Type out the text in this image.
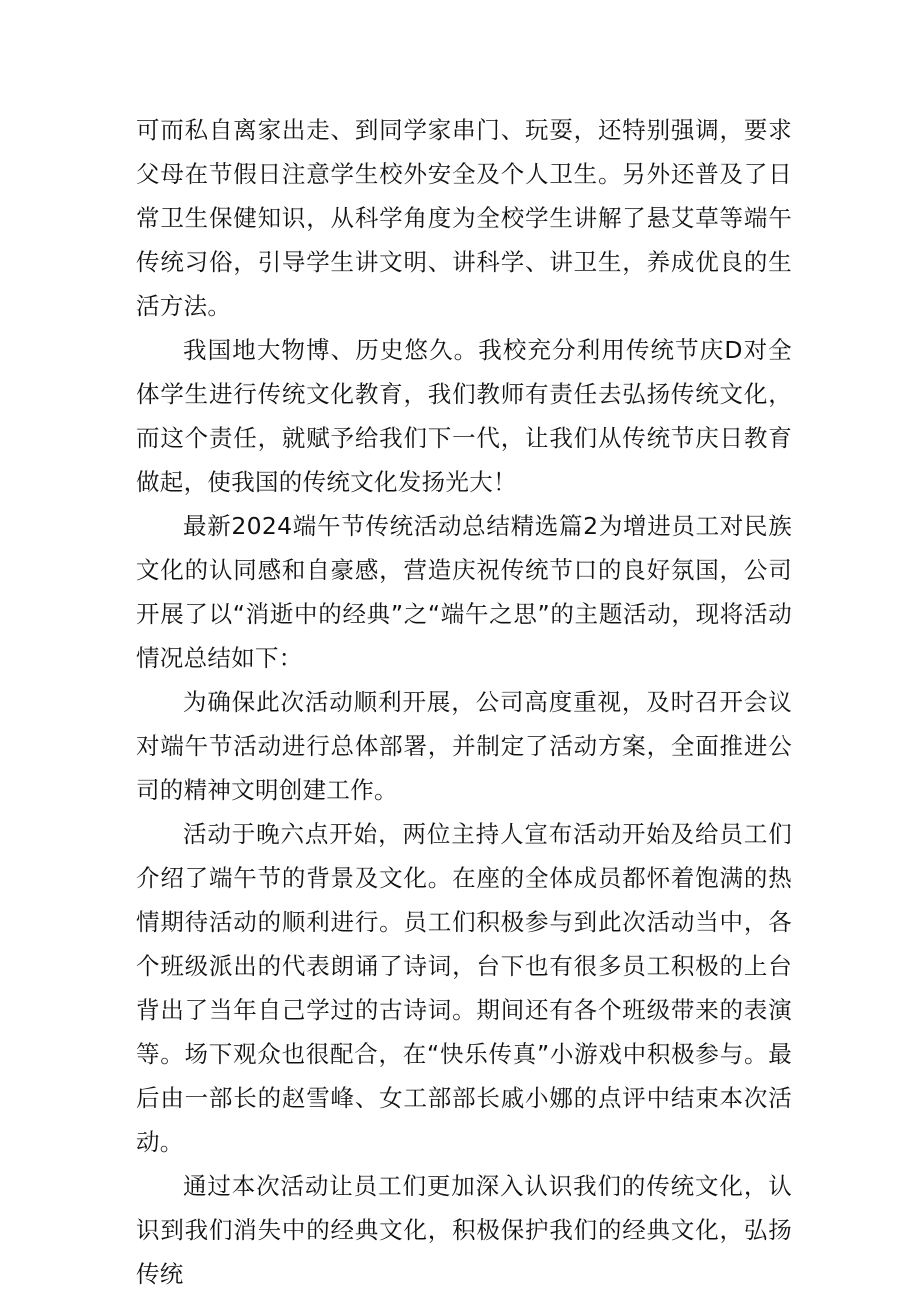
可而私自离家出走、到同学家串门、玩耍，还特别强调，要求父母在节假日注意学生校外安全及个人卫生。另外还普及了日常卫生保健知识，从科学角度为全校学生讲解了悬艾草等端午传统习俗，引导学生讲文明、讲科学、讲卫生，养成优良的生活方法。

我国地大物博、历史悠久。我校充分利用传统节庆D对全体学生进行传统文化教育，我们教师有责任去弘扬传统文化，而这个责任，就赋予给我们下一代，让我们从传统节庆日教育做起，使我国的传统文化发扬光大！

最新2024端午节传统活动总结精选篇2为增进员工对民族文化的认同感和自豪感，营造庆祝传统节口的良好氛国，公司开展了以“消逝中的经典”之“端午之思”的主题活动，现将活动情况总结如下：

为确保此次活动顺利开展，公司高度重视，及时召开会议对端午节活动进行总体部署，并制定了活动方案，全面推进公司的精神文明创建工作。

活动于晚六点开始，两位主持人宣布活动开始及给员工们介绍了端午节的背景及文化。在座的全体成员都怀着饱满的热情期待活动的顺利进行。员工们积极参与到此次活动当中，各个班级派出的代表朗诵了诗词，台下也有很多员工积极的上台背出了当年自己学过的古诗词。期间还有各个班级带来的表演等。场下观众也很配合，在“快乐传真”小游戏中积极参与。最后由一部长的赵雪峰、女工部部长戚小娜的点评中结束本次活动。

通过本次活动让员工们更加深入认识我们的传统文化，认识到我们消失中的经典文化，积极保护我们的经典文化，弘扬传统
